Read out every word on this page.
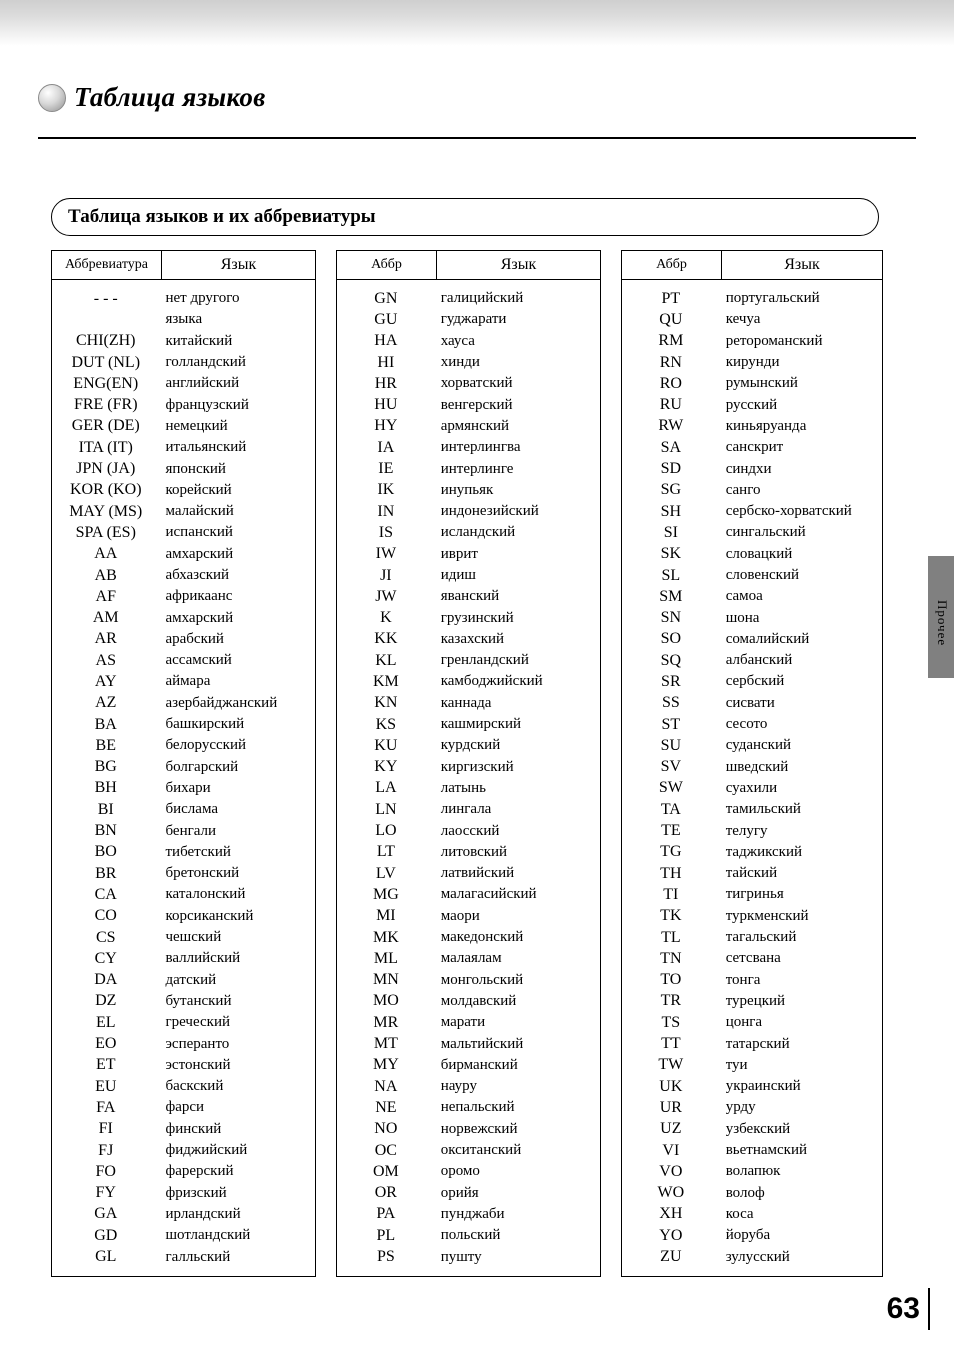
Таблица языков
Таблица языков и их аббревиатуры
Аббревиатура	Язык
- - -	нет другого
языка
CHI(ZH)	китайский
DUT (NL)	голландский
ENG(EN)	английский
FRE (FR)	французский
GER (DE)	немецкий
ITA (IT)	итальянский
JPN (JA)	японский
KOR (KO)	корейский
MAY (MS)	малайский
SPA (ES)	испанский
AA	амхарский
AB	абхазский
AF	африкаанс
AM	амхарский
AR	арабский
AS	ассамский
AY	аймара
AZ	азербайджанский
BA	башкирский
BE	белорусский
BG	болгарский
BH	бихари
BI	бислама
BN	бенгали
BO	тибетский
BR	бретонский
CA	каталонский
CO	корсиканский
CS	чешский
CY	валлийский
DA	датский
DZ	бутанский
EL	греческий
EO	эсперанто
ET	эстонский
EU	баскский
FA	фарси
FI	финский
FJ	фиджийский
FO	фарерский
FY	фризский
GA	ирландский
GD	шотландский
GL	галльский
Аббр	Язык
GN	галицийский
GU	гуджарати
HA	хауса
HI	хинди
HR	хорватский
HU	венгерский
HY	армянский
IA	интерлингва
IE	интерлинге
IK	инупьяк
IN	индонезийский
IS	исландский
IW	иврит
JI	идиш
JW	яванский
K	грузинский
KK	казахский
KL	гренландский
KM	камбоджийский
KN	каннада
KS	кашмирский
KU	курдский
KY	киргизский
LA	латынь
LN	лингала
LO	лаосский
LT	литовский
LV	латвийский
MG	малагасийский
MI	маори
MK	македонский
ML	малаялам
MN	монгольский
MO	молдавский
MR	марати
MT	мальтийский
MY	бирманский
NA	науру
NE	непальский
NO	норвежский
OC	окситанский
OM	оромо
OR	орийя
PA	пунджаби
PL	польский
PS	пушту
Аббр	Язык
PT	португальский
QU	кечуа
RM	ретороманский
RN	кирунди
RO	румынский
RU	русский
RW	киньяруанда
SA	санскрит
SD	синдхи
SG	санго
SH	сербско-хорватский
SI	сингальский
SK	словацкий
SL	словенский
SM	самоа
SN	шона
SO	сомалийский
SQ	албанский
SR	сербский
SS	сисвати
ST	сесото
SU	суданский
SV	шведский
SW	суахили
TA	тамильский
TE	телугу
TG	таджикский
TH	тайский
TI	тигринья
TK	туркменский
TL	тагальский
TN	сетсвана
TO	тонга
TR	турецкий
TS	цонга
TT	татарский
TW	туи
UK	украинский
UR	урду
UZ	узбекский
VI	вьетнамский
VO	волапюк
WO	волоф
XH	коса
YO	йоруба
ZU	зулусский
Прочее
63
